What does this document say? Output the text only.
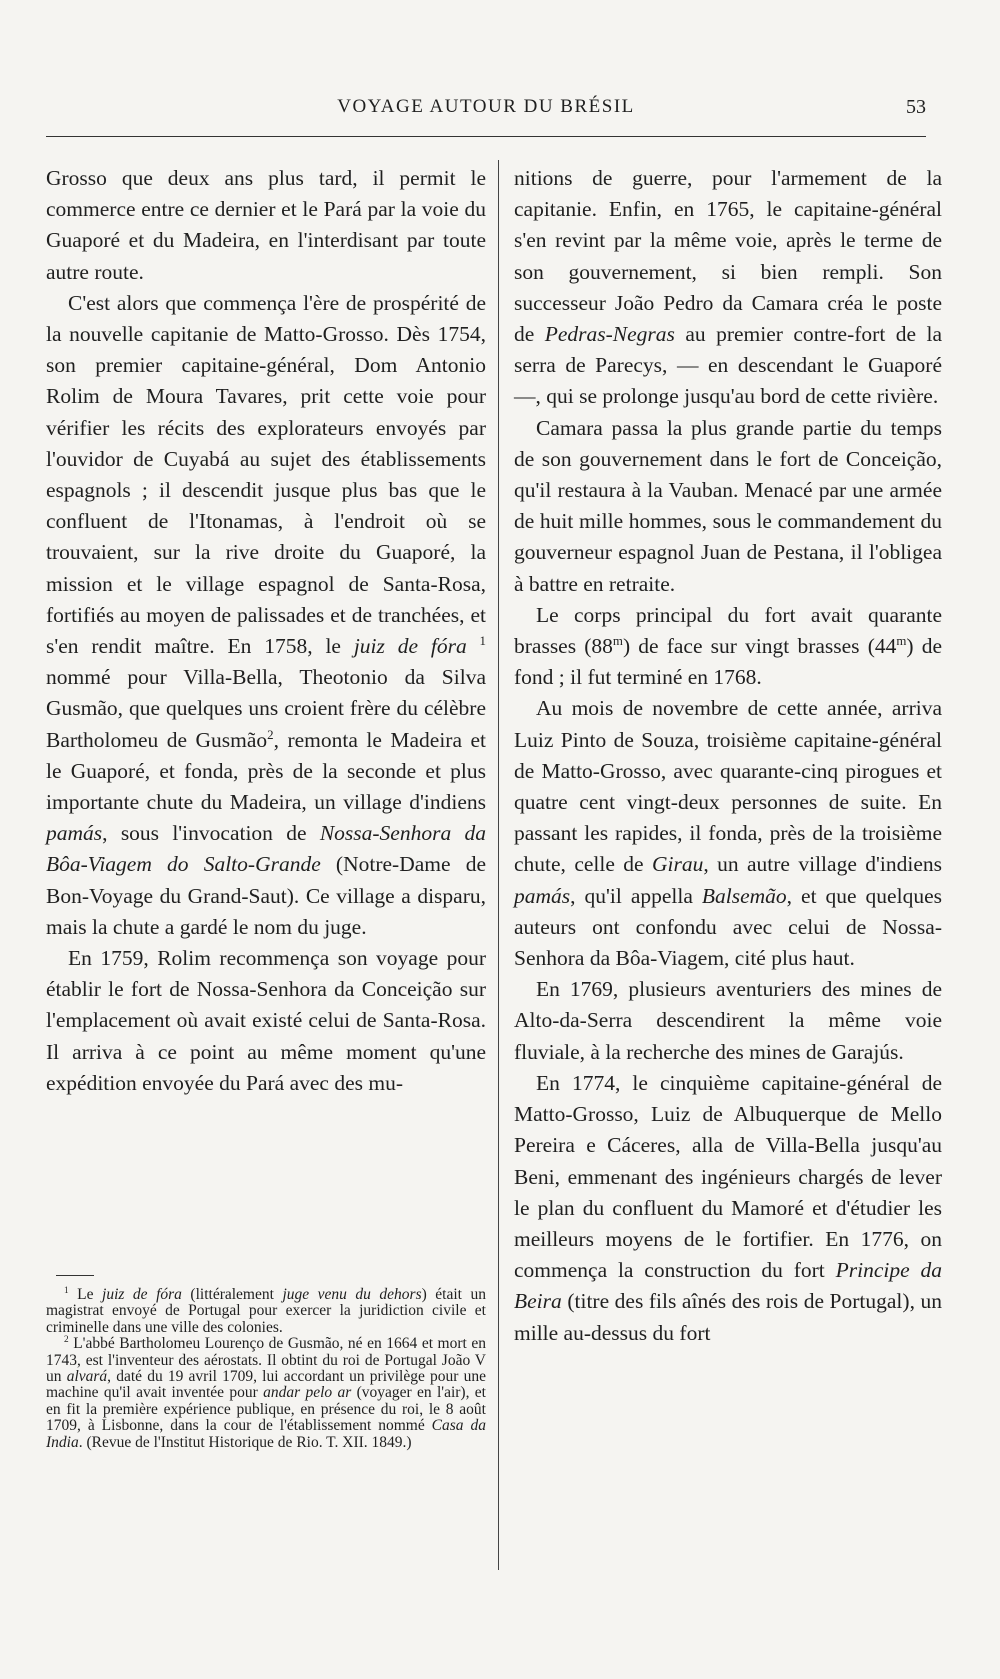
VOYAGE AUTOUR DU BRÉSIL	53

Grosso que deux ans plus tard, il permit le commerce entre ce dernier et le Pará par la voie du Guaporé et du Madeira, en l'interdisant par toute autre route.

C'est alors que commença l'ère de prospérité de la nouvelle capitanie de Matto-Grosso. Dès 1754, son premier capitaine-général, Dom Antonio Rolim de Moura Tavares, prit cette voie pour vérifier les récits des explorateurs envoyés par l'ouvidor de Cuyabá au sujet des établissements espagnols ; il descendit jusque plus bas que le confluent de l'Itonamas, à l'endroit où se trouvaient, sur la rive droite du Guaporé, la mission et le village espagnol de Santa-Rosa, fortifiés au moyen de palissades et de tranchées, et s'en rendit maître. En 1758, le juiz de fóra $^1$ nommé pour Villa-Bella, Theotonio da Silva Gusmão, que quelques uns croient frère du célèbre Bartholomeu de Gusmão$^2$, remonta le Madeira et le Guaporé, et fonda, près de la seconde et plus importante chute du Madeira, un village d'indiens pamás, sous l'invocation de Nossa-Senhora da Bôa-Viagem do Salto-Grande (Notre-Dame de Bon-Voyage du Grand-Saut). Ce village a disparu, mais la chute a gardé le nom du juge.

En 1759, Rolim recommença son voyage pour établir le fort de Nossa-Senhora da Conceição sur l'emplacement où avait existé celui de Santa-Rosa. Il arriva à ce point au même moment qu'une expédition envoyée du Pará avec des mu-

$^1$ Le juiz de fóra (littéralement juge venu du dehors) était un magistrat envoyé de Portugal pour exercer la juridiction civile et criminelle dans une ville des colonies.

$^2$ L'abbé Bartholomeu Lourenço de Gusmão, né en 1664 et mort en 1743, est l'inventeur des aérostats. Il obtint du roi de Portugal João V un alvará, daté du 19 avril 1709, lui accordant un privilège pour une machine qu'il avait inventée pour andar pelo ar (voyager en l'air), et en fit la première expérience publique, en présence du roi, le 8 août 1709, à Lisbonne, dans la cour de l'établissement nommé Casa da India. (Revue de l'Institut Historique de Rio. T. XII. 1849.)

nitions de guerre, pour l'armement de la capitanie. Enfin, en 1765, le capitaine-général s'en revint par la même voie, après le terme de son gouvernement, si bien rempli. Son successeur João Pedro da Camara créa le poste de Pedras-Negras au premier contre-fort de la serra de Parecys, — en descendant le Guaporé —, qui se prolonge jusqu'au bord de cette rivière.

Camara passa la plus grande partie du temps de son gouvernement dans le fort de Conceição, qu'il restaura à la Vauban. Menacé par une armée de huit mille hommes, sous le commandement du gouverneur espagnol Juan de Pestana, il l'obligea à battre en retraite.

Le corps principal du fort avait quarante brasses (88$^m$) de face sur vingt brasses (44$^m$) de fond ; il fut terminé en 1768.

Au mois de novembre de cette année, arriva Luiz Pinto de Souza, troisième capitaine-général de Matto-Grosso, avec quarante-cinq pirogues et quatre cent vingt-deux personnes de suite. En passant les rapides, il fonda, près de la troisième chute, celle de Girau, un autre village d'indiens pamás, qu'il appella Balsemão, et que quelques auteurs ont confondu avec celui de Nossa-Senhora da Bôa-Viagem, cité plus haut.

En 1769, plusieurs aventuriers des mines de Alto-da-Serra descendirent la même voie fluviale, à la recherche des mines de Garajús.

En 1774, le cinquième capitaine-général de Matto-Grosso, Luiz de Albuquerque de Mello Pereira e Cáceres, alla de Villa-Bella jusqu'au Beni, emmenant des ingénieurs chargés de lever le plan du confluent du Mamoré et d'étudier les meilleurs moyens de le fortifier. En 1776, on commença la construction du fort Principe da Beira (titre des fils aînés des rois de Portugal), un mille au-dessus du fort
